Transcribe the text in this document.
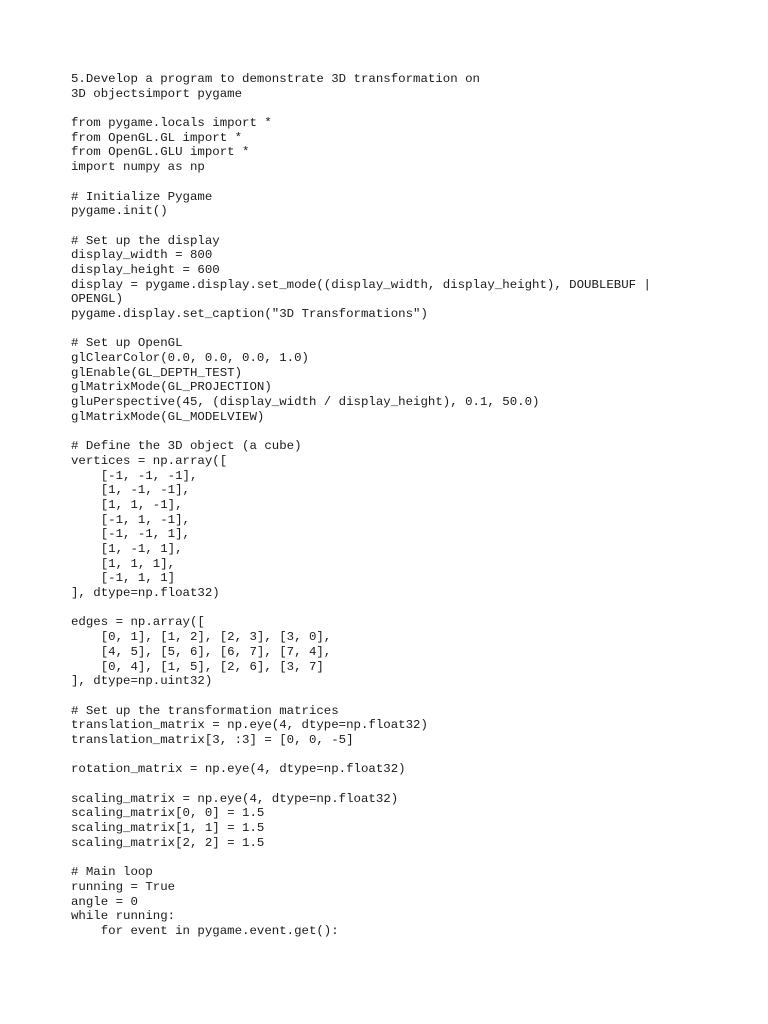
5.Develop a program to demonstrate 3D transformation on
3D objectsimport pygame
from pygame.locals import *
from OpenGL.GL import *
from OpenGL.GLU import *
import numpy as np
# Initialize Pygame
pygame.init()
# Set up the display
display_width = 800
display_height = 600
display = pygame.display.set_mode((display_width, display_height), DOUBLEBUF |
OPENGL)
pygame.display.set_caption("3D Transformations")
# Set up OpenGL
glClearColor(0.0, 0.0, 0.0, 1.0)
glEnable(GL_DEPTH_TEST)
glMatrixMode(GL_PROJECTION)
gluPerspective(45, (display_width / display_height), 0.1, 50.0)
glMatrixMode(GL_MODELVIEW)
# Define the 3D object (a cube)
vertices = np.array([
[-1, -1, -1],
[1, -1, -1],
[1, 1, -1],
[-1, 1, -1],
[-1, -1, 1],
[1, -1, 1],
[1, 1, 1],
[-1, 1, 1]
], dtype=np.float32)
edges = np.array([
[0, 1], [1, 2], [2, 3], [3, 0],
[4, 5], [5, 6], [6, 7], [7, 4],
[0, 4], [1, 5], [2, 6], [3, 7]
], dtype=np.uint32)
# Set up the transformation matrices
translation_matrix = np.eye(4, dtype=np.float32)
translation_matrix[3, :3] = [0, 0, -5]
rotation_matrix = np.eye(4, dtype=np.float32)
scaling_matrix = np.eye(4, dtype=np.float32)
scaling_matrix[0, 0] = 1.5
scaling_matrix[1, 1] = 1.5
scaling_matrix[2, 2] = 1.5
# Main loop
running = True
angle = 0
while running:
for event in pygame.event.get():
